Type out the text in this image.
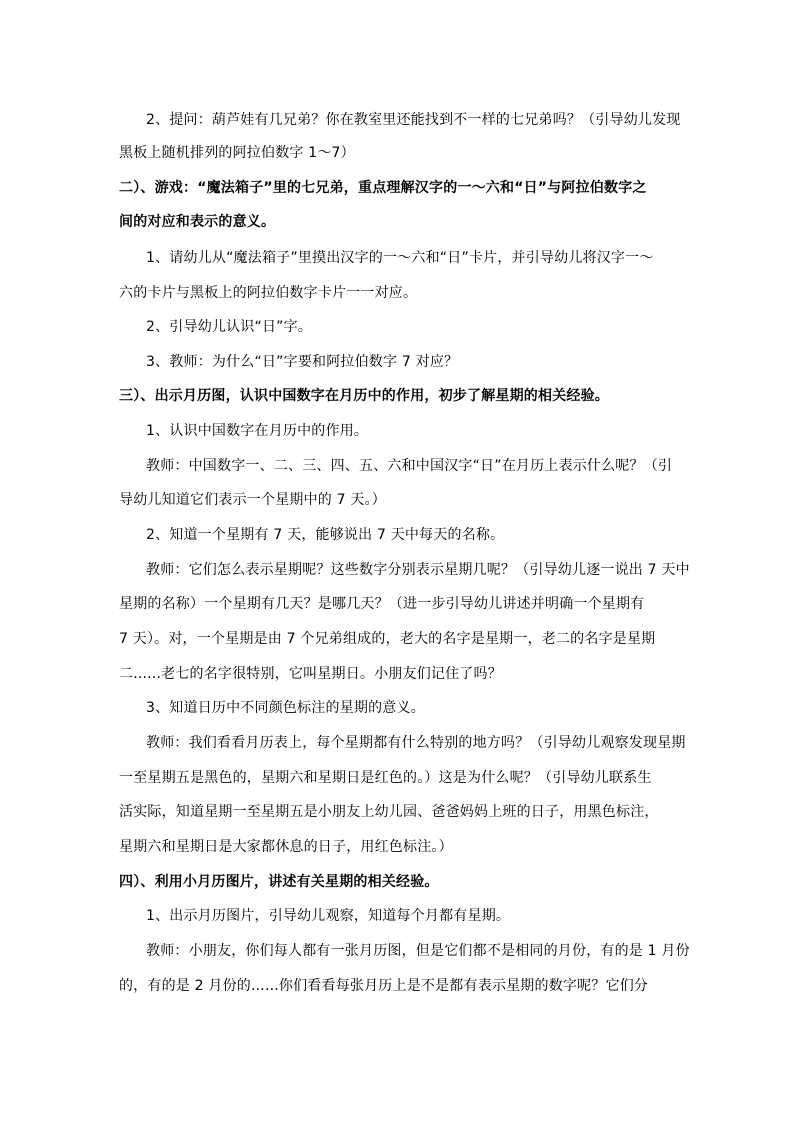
2、提问：葫芦娃有几兄弟？你在教室里还能找到不一样的七兄弟吗？（引导幼儿发现
黑板上随机排列的阿拉伯数字 1～7）
二）、游戏：“魔法箱子”里的七兄弟，重点理解汉字的一～六和“日”与阿拉伯数字之
间的对应和表示的意义。
1、请幼儿从“魔法箱子”里摸出汉字的一～六和“日”卡片，并引导幼儿将汉字一～
六的卡片与黑板上的阿拉伯数字卡片一一对应。
2、引导幼儿认识“日”字。
3、教师：为什么“日”字要和阿拉伯数字 7 对应？
三）、出示月历图，认识中国数字在月历中的作用，初步了解星期的相关经验。
1、认识中国数字在月历中的作用。
教师：中国数字一、二、三、四、五、六和中国汉字“日”在月历上表示什么呢？（引
导幼儿知道它们表示一个星期中的 7 天。）
2、知道一个星期有 7 天，能够说出 7 天中每天的名称。
教师：它们怎么表示星期呢？这些数字分别表示星期几呢？（引导幼儿逐一说出 7 天中
星期的名称）一个星期有几天？是哪几天？（进一步引导幼儿讲述并明确一个星期有
7 天）。对，一个星期是由 7 个兄弟组成的，老大的名字是星期一，老二的名字是星期
二......老七的名字很特别，它叫星期日。小朋友们记住了吗？
3、知道日历中不同颜色标注的星期的意义。
教师：我们看看月历表上，每个星期都有什么特别的地方吗？（引导幼儿观察发现星期
一至星期五是黑色的，星期六和星期日是红色的。）这是为什么呢？（引导幼儿联系生
活实际，知道星期一至星期五是小朋友上幼儿园、爸爸妈妈上班的日子，用黑色标注，
星期六和星期日是大家都休息的日子，用红色标注。）
四）、利用小月历图片，讲述有关星期的相关经验。
1、出示月历图片，引导幼儿观察，知道每个月都有星期。
教师：小朋友，你们每人都有一张月历图，但是它们都不是相同的月份，有的是 1 月份
的，有的是 2 月份的......你们看看每张月历上是不是都有表示星期的数字呢？它们分
